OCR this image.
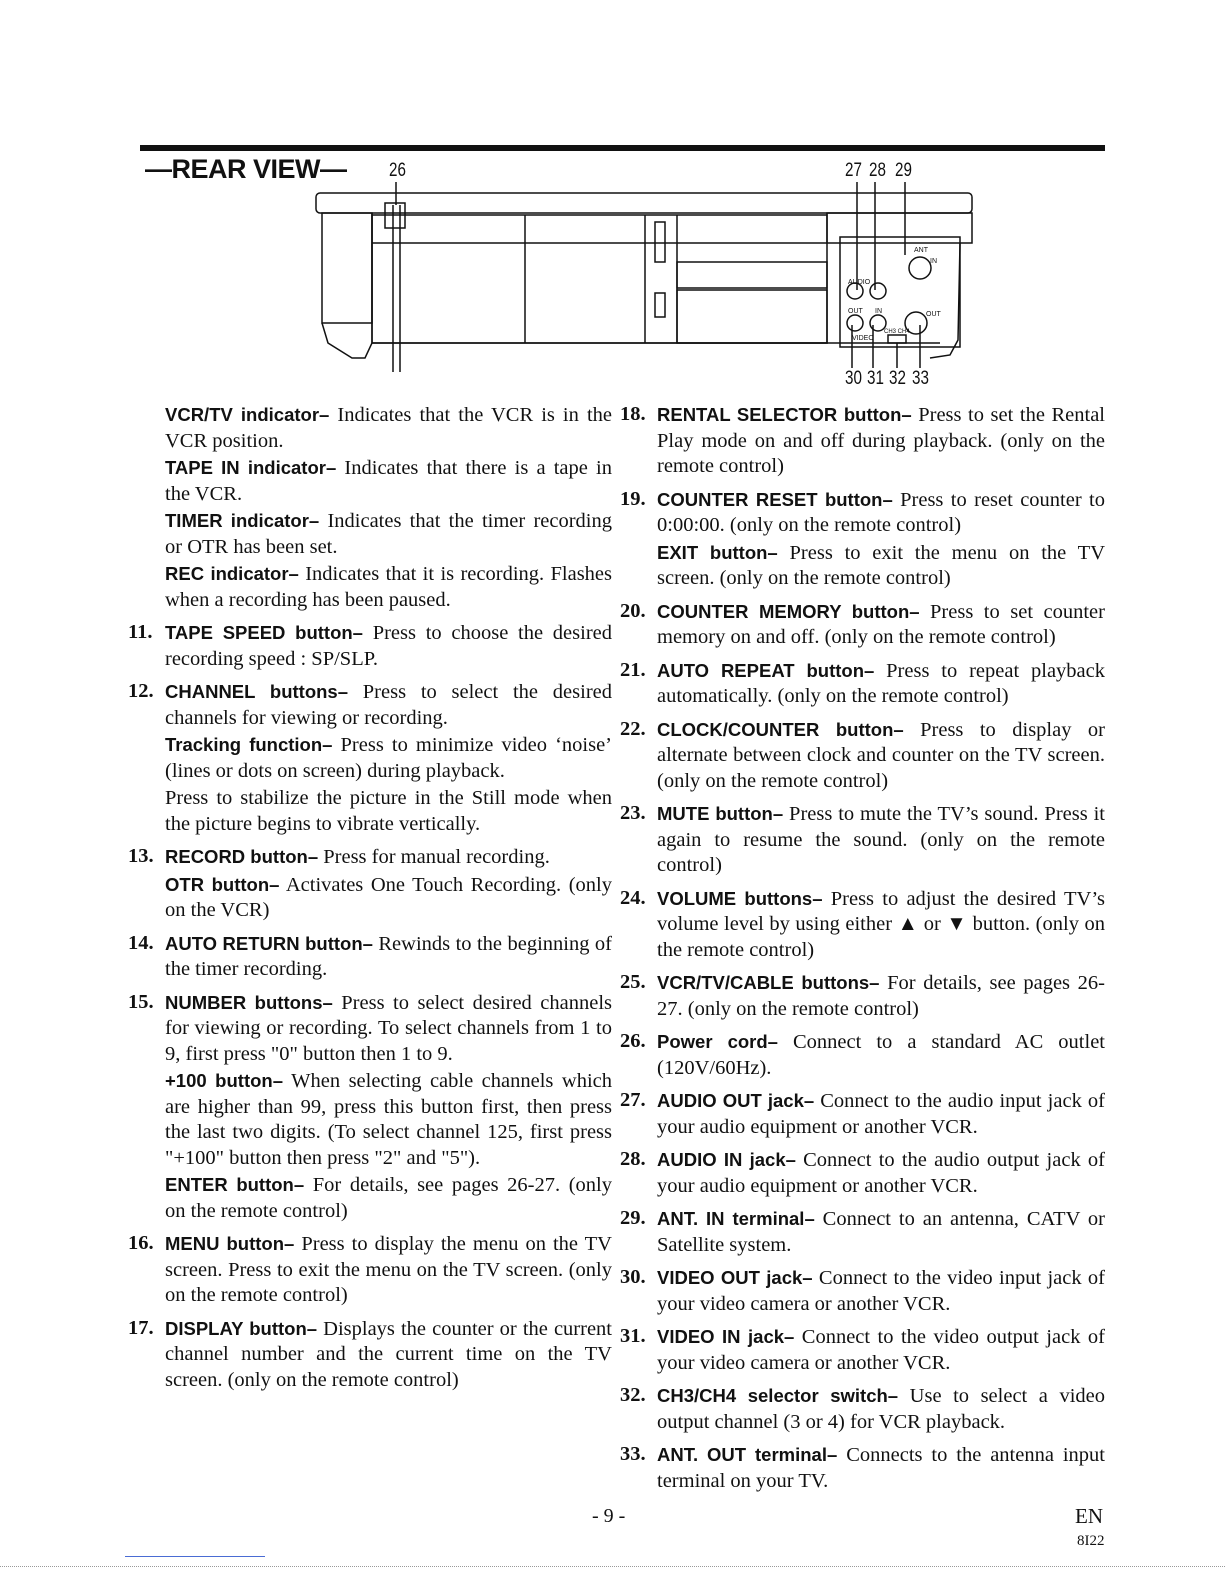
—REAR VIEW—
ANT
IN
AUDIO
OUT IN
VIDEO
CH3 CH4
OUT
26	27 28 29
30 31 32 33
VCR/TV indicator– Indicates that the VCR is in the VCR position.
TAPE IN indicator– Indicates that there is a tape in the VCR.
TIMER indicator– Indicates that the timer recording or OTR has been set.
REC indicator– Indicates that it is recording. Flashes when a recording has been paused.
11. TAPE SPEED button– Press to choose the desired recording speed : SP/SLP.
12. CHANNEL buttons– Press to select the desired channels for viewing or recording.
Tracking function– Press to minimize video ‘noise’ (lines or dots on screen) during playback.
Press to stabilize the picture in the Still mode when the picture begins to vibrate vertically.
13. RECORD button– Press for manual recording.
OTR button– Activates One Touch Recording. (only on the VCR)
14. AUTO RETURN button– Rewinds to the beginning of the timer recording.
15. NUMBER buttons– Press to select desired channels for viewing or recording. To select channels from 1 to 9, first press "0" button then 1 to 9.
+100 button– When selecting cable channels which are higher than 99, press this button first, then press the last two digits. (To select channel 125, first press "+100" button then press "2" and "5").
ENTER button– For details, see pages 26-27. (only on the remote control)
16. MENU button– Press to display the menu on the TV screen. Press to exit the menu on the TV screen. (only on the remote control)
17. DISPLAY button– Displays the counter or the current channel number and the current time on the TV screen. (only on the remote control)
18. RENTAL SELECTOR button– Press to set the Rental Play mode on and off during playback. (only on the remote control)
19. COUNTER RESET button– Press to reset counter to 0:00:00. (only on the remote control)
EXIT button– Press to exit the menu on the TV screen. (only on the remote control)
20. COUNTER MEMORY button– Press to set counter memory on and off. (only on the remote control)
21. AUTO REPEAT button– Press to repeat playback automatically. (only on the remote control)
22. CLOCK/COUNTER button– Press to display or alternate between clock and counter on the TV screen. (only on the remote control)
23. MUTE button– Press to mute the TV’s sound. Press it again to resume the sound. (only on the remote control)
24. VOLUME buttons– Press to adjust the desired TV’s volume level by using either ▲ or ▼ button. (only on the remote control)
25. VCR/TV/CABLE buttons– For details, see pages 26-27. (only on the remote control)
26. Power cord– Connect to a standard AC outlet (120V/60Hz).
27. AUDIO OUT jack– Connect to the audio input jack of your audio equipment or another VCR.
28. AUDIO IN jack– Connect to the audio output jack of your audio equipment or another VCR.
29. ANT. IN terminal– Connect to an antenna, CATV or Satellite system.
30. VIDEO OUT jack– Connect to the video input jack of your video camera or another VCR.
31. VIDEO IN jack– Connect to the video output jack of your video camera or another VCR.
32. CH3/CH4 selector switch– Use to select a video output channel (3 or 4) for VCR playback.
33. ANT. OUT terminal– Connects to the antenna input terminal on your TV.
- 9 -	EN
8I22
